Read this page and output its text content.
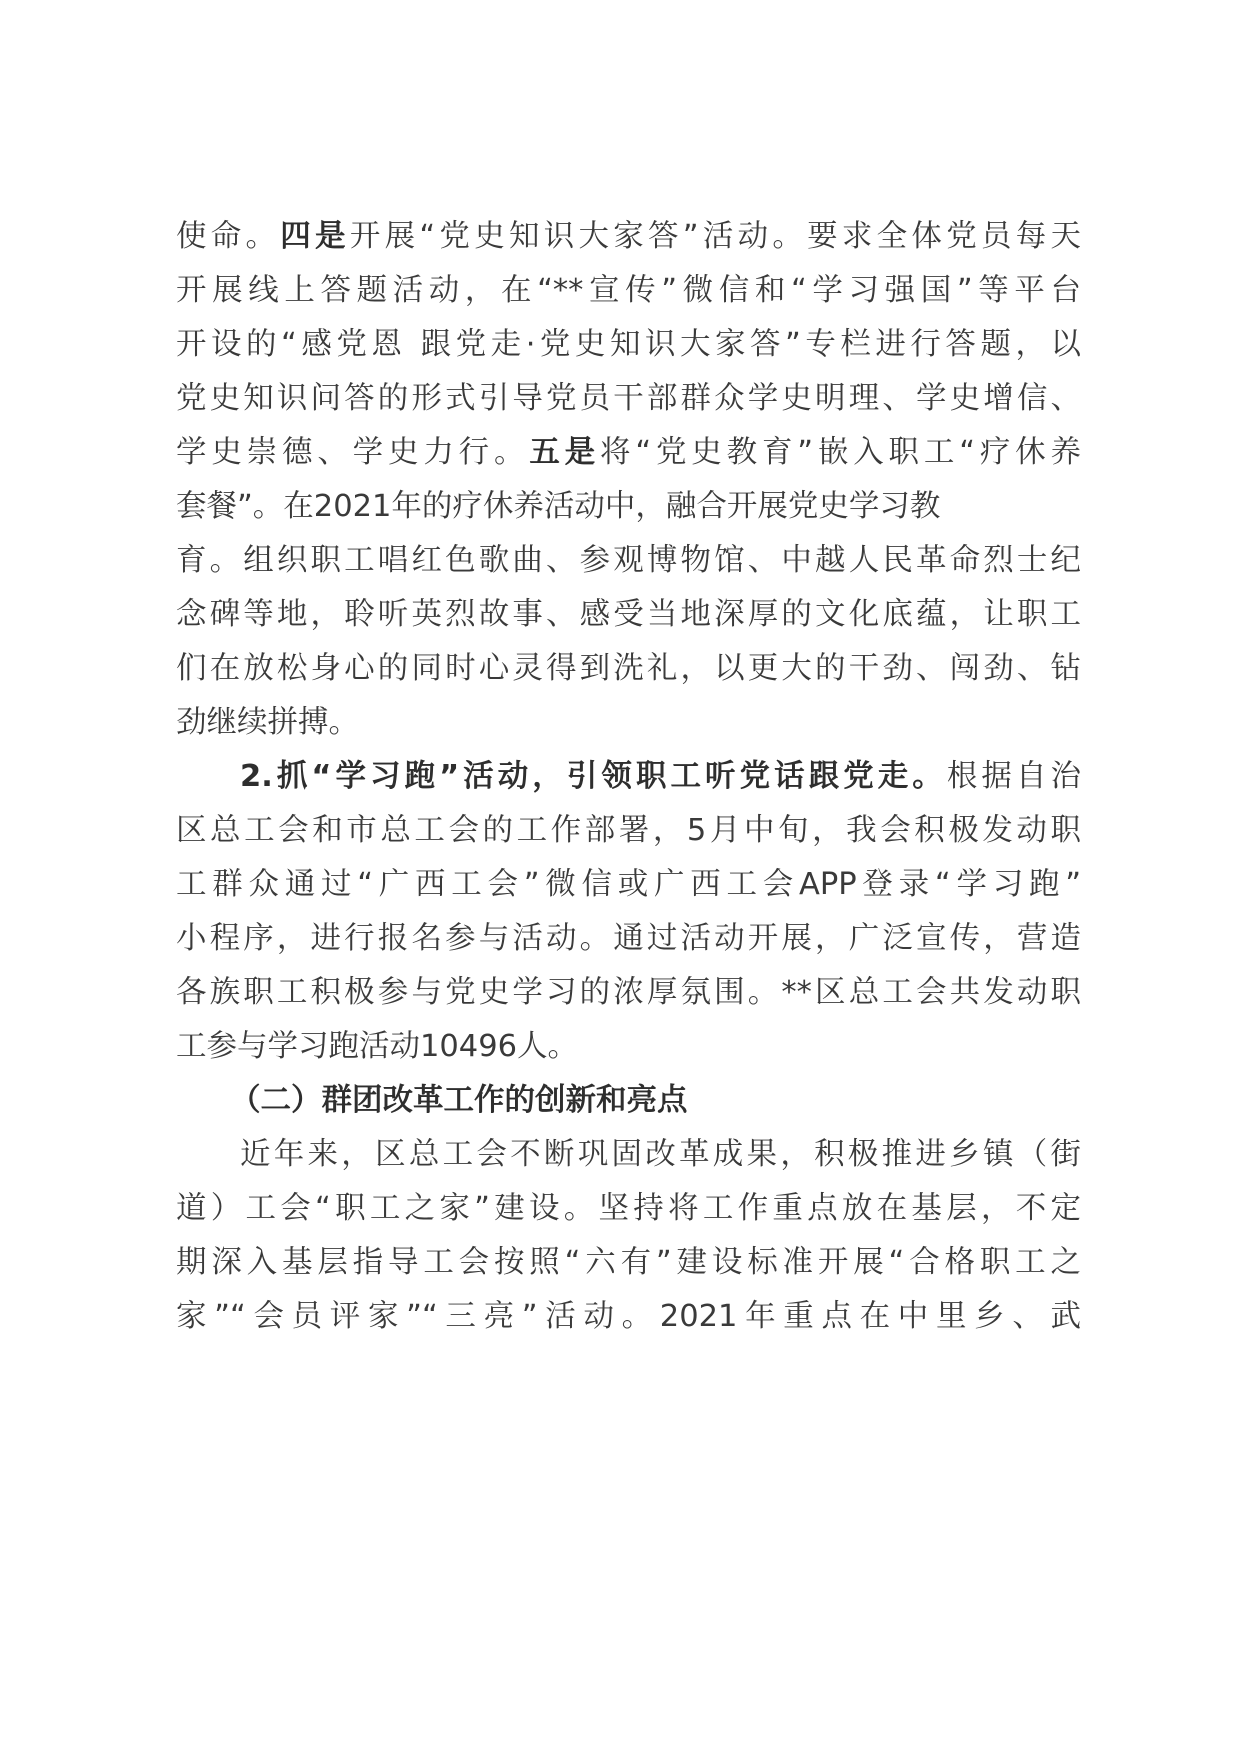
使命。四是开展“党史知识大家答”活动。要求全体党员每天
开展线上答题活动，在“**宣传”微信和“学习强国”等平台
开设的“感党恩 跟党走·党史知识大家答”专栏进行答题，以
党史知识问答的形式引导党员干部群众学史明理、学史增信、
学史崇德、学史力行。五是将“党史教育”嵌入职工“疗休养
套餐”。在2021年的疗休养活动中，融合开展党史学习教
育。组织职工唱红色歌曲、参观博物馆、中越人民革命烈士纪
念碑等地，聆听英烈故事、感受当地深厚的文化底蕴，让职工
们在放松身心的同时心灵得到洗礼，以更大的干劲、闯劲、钻
劲继续拼搏。
2.抓“学习跑”活动，引领职工听党话跟党走。根据自治
区总工会和市总工会的工作部署，5月中旬，我会积极发动职
工群众通过“广西工会”微信或广西工会APP登录“学习跑”
小程序，进行报名参与活动。通过活动开展，广泛宣传，营造
各族职工积极参与党史学习的浓厚氛围。**区总工会共发动职
工参与学习跑活动10496人。
（二）群团改革工作的创新和亮点
近年来，区总工会不断巩固改革成果，积极推进乡镇（街
道）工会“职工之家”建设。坚持将工作重点放在基层，不定
期深入基层指导工会按照“六有”建设标准开展“合格职工之
家”“会员评家”“三亮”活动。2021年重点在中里乡、武
